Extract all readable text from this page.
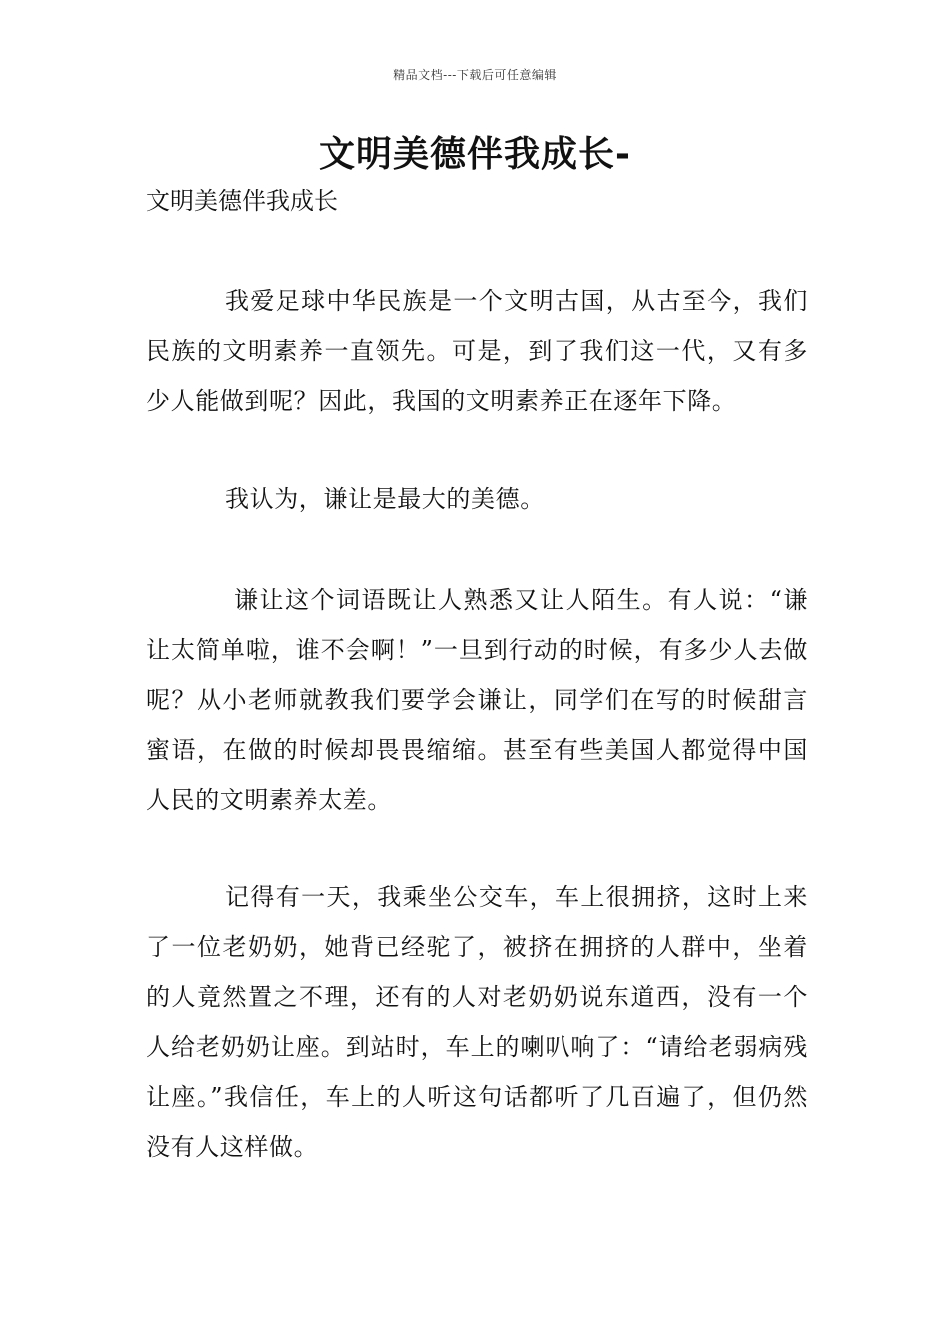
精品文档---下载后可任意编辑
文明美德伴我成长-

文明美德伴我成长

我爱足球中华民族是一个文明古国，从古至今，我们民族的文明素养一直领先。可是，到了我们这一代，又有多少人能做到呢？因此，我国的文明素养正在逐年下降。

我认为，谦让是最大的美德。

谦让这个词语既让人熟悉又让人陌生。有人说：“谦让太简单啦，谁不会啊！”一旦到行动的时候，有多少人去做呢？从小老师就教我们要学会谦让，同学们在写的时候甜言蜜语，在做的时候却畏畏缩缩。甚至有些美国人都觉得中国人民的文明素养太差。

记得有一天，我乘坐公交车，车上很拥挤，这时上来了一位老奶奶，她背已经驼了，被挤在拥挤的人群中，坐着的人竟然置之不理，还有的人对老奶奶说东道西，没有一个人给老奶奶让座。到站时，车上的喇叭响了：“请给老弱病残让座。”我信任，车上的人听这句话都听了几百遍了，但仍然没有人这样做。
